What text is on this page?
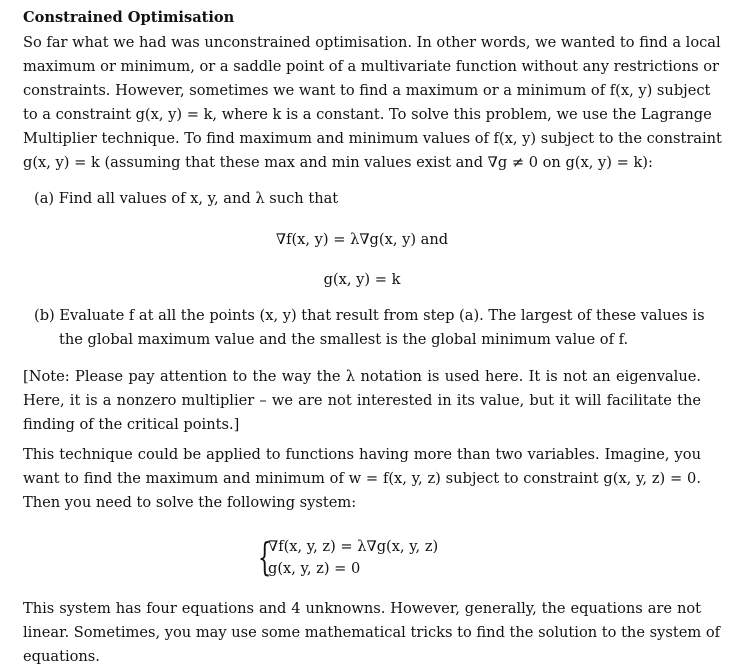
Constrained Optimisation
So far what we had was unconstrained optimisation. In other words, we wanted to find a local
maximum or minimum, or a saddle point of a multivariate function without any restrictions or
constraints. However, sometimes we want to find a maximum or a minimum of f(x, y) subject
to a constraint g(x, y) = k, where k is a constant. To solve this problem, we use the Lagrange
Multiplier technique. To find maximum and minimum values of f(x, y) subject to the constraint
g(x, y) = k (assuming that these max and min values exist and ∇g ≠ 0 on g(x, y) = k):
(a) Find all values of x, y, and λ such that
∇f(x, y) = λ∇g(x, y) and
g(x, y) = k
(b) Evaluate f at all the points (x, y) that result from step (a). The largest of these values is
the global maximum value and the smallest is the global minimum value of f.
[Note: Please pay attention to the way the λ notation is used here. It is not an eigenvalue.
Here, it is a nonzero multiplier – we are not interested in its value, but it will facilitate the
finding of the critical points.]
This technique could be applied to functions having more than two variables. Imagine, you
want to find the maximum and minimum of w = f(x, y, z) subject to constraint g(x, y, z) = 0.
Then you need to solve the following system:
{
∇f(x, y, z) = λ∇g(x, y, z)
g(x, y, z) = 0
This system has four equations and 4 unknowns. However, generally, the equations are not
linear. Sometimes, you may use some mathematical tricks to find the solution to the system of
equations.
